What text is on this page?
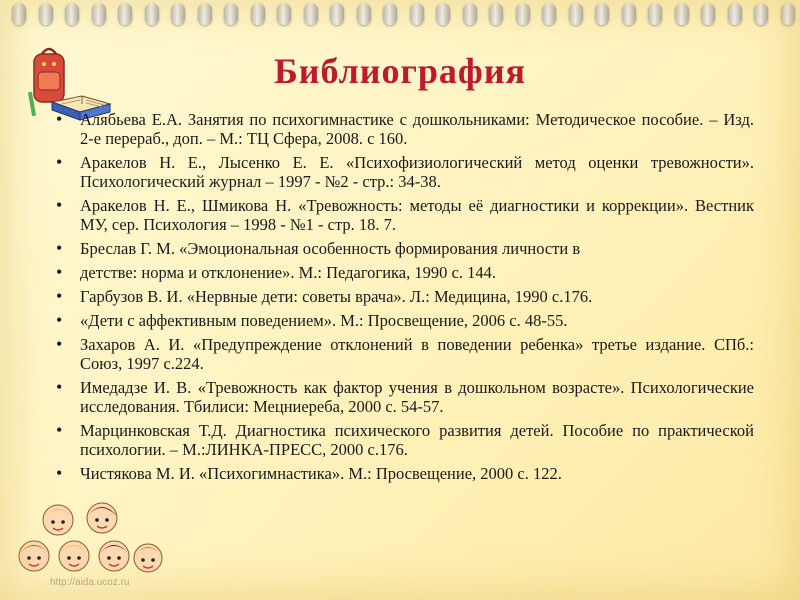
Библиография
• Алябьева Е.А. Занятия по психогимнастике с дошкольниками: Методическое пособие. – Изд. 2-е перераб., доп. – М.: ТЦ Сфера, 2008. с 160.
• Аракелов Н. Е., Лысенко Е. Е. «Психофизиологический метод оценки тревожности». Психологический журнал – 1997 - №2 - стр.: 34-38.
• Аракелов Н. Е., Шмикова Н. «Тревожность: методы её диагностики и коррекции». Вестник МУ, сер. Психология – 1998 - №1 - стр. 18. 7.
• Бреслав Г. М. «Эмоциональная особенность формирования личности в
• детстве: норма и отклонение». М.: Педагогика, 1990 с. 144.
• Гарбузов В. И. «Нервные дети: советы врача». Л.: Медицина, 1990 с.176.
• «Дети с аффективным поведением». М.: Просвещение, 2006 с. 48-55.
• Захаров А. И. «Предупреждение отклонений в поведении ребенка» третье издание. СПб.: Союз, 1997 с.224.
• Имедадзе И. В. «Тревожность как фактор учения в дошкольном возрасте». Психологические исследования. Тбилиси: Мецниереба, 2000 с. 54-57.
• Марцинковская Т.Д. Диагностика психического развития детей. Пособие по практической психологии. – М.:ЛИНКА-ПРЕСС, 2000 с.176.
• Чистякова М. И. «Психогимнастика». М.: Просвещение, 2000 с. 122.
http://aida.ucoz.ru
